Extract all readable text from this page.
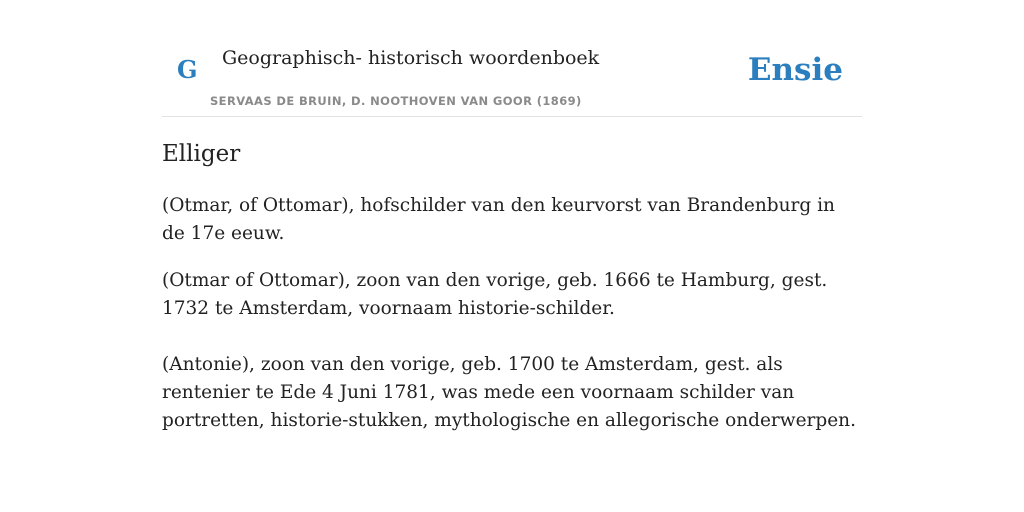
G Geographisch- historisch woordenboek
SERVAAS DE BRUIN, D. NOOTHOVEN VAN GOOR (1869)
Ensie
Elliger

(Otmar, of Ottomar), hofschilder van den keurvorst van Brandenburg in de 17e eeuw.

(Otmar of Ottomar), zoon van den vorige, geb. 1666 te Hamburg, gest. 1732 te Amsterdam, voornaam historie-schilder.

(Antonie), zoon van den vorige, geb. 1700 te Amsterdam, gest. als rentenier te Ede 4 Juni 1781, was mede een voornaam schilder van portretten, historie-stukken, mythologische en allegorische onderwerpen.
